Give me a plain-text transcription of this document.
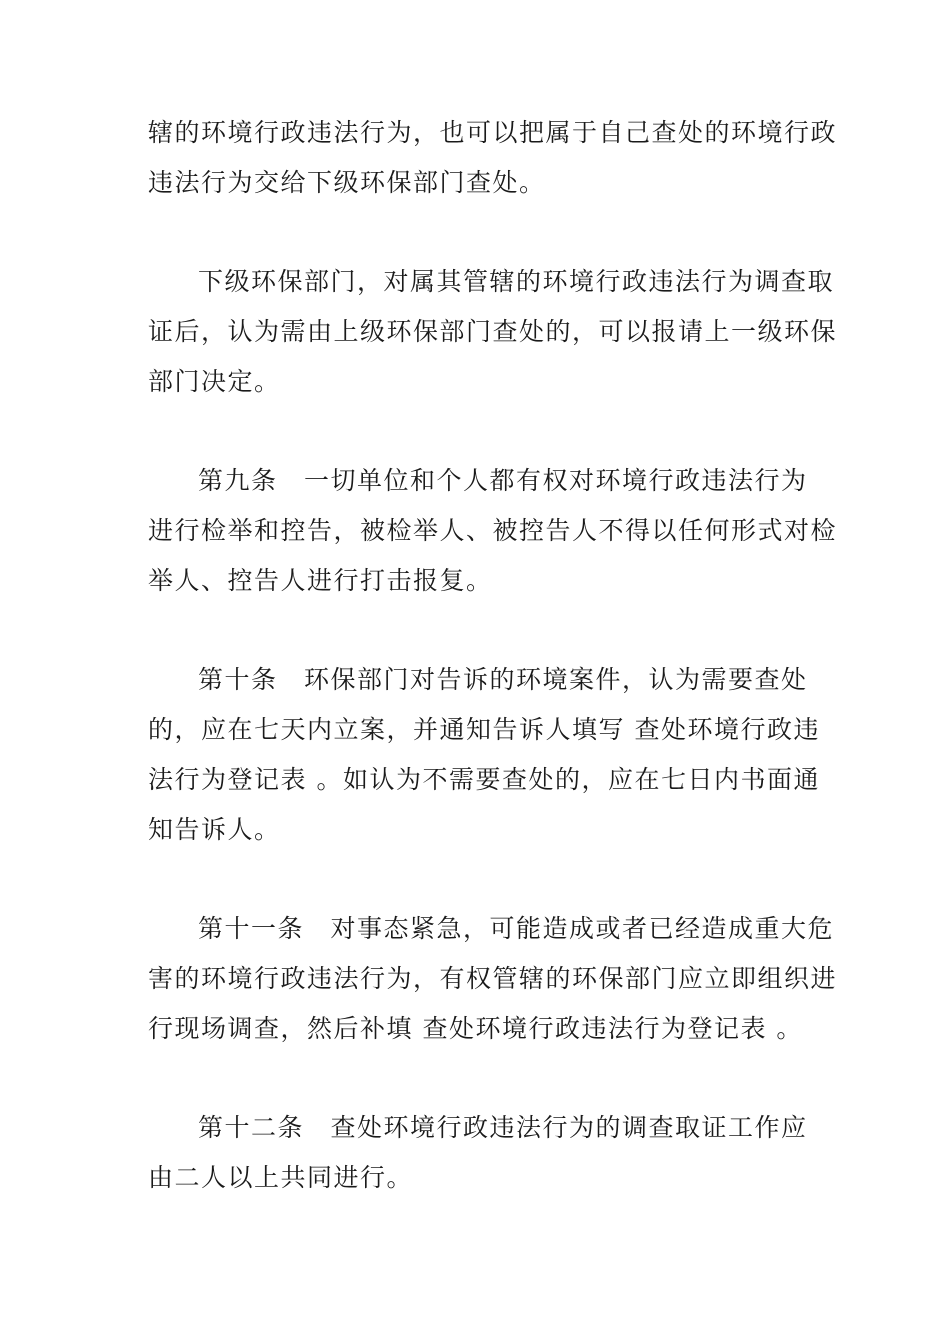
辖的环境行政违法行为，也可以把属于自己查处的环境行政
违法行为交给下级环保部门查处。
下级环保部门，对属其管辖的环境行政违法行为调查取
证后，认为需由上级环保部门查处的，可以报请上一级环保
部门决定。
第九条　一切单位和个人都有权对环境行政违法行为
进行检举和控告，被检举人、被控告人不得以任何形式对检
举人、控告人进行打击报复。
第十条　环保部门对告诉的环境案件，认为需要查处
的，应在七天内立案，并通知告诉人填写 查处环境行政违
法行为登记表 。如认为不需要查处的，应在七日内书面通
知告诉人。
第十一条　对事态紧急，可能造成或者已经造成重大危
害的环境行政违法行为，有权管辖的环保部门应立即组织进
行现场调查，然后补填 查处环境行政违法行为登记表 。
第十二条　查处环境行政违法行为的调查取证工作应
由二人以上共同进行。
